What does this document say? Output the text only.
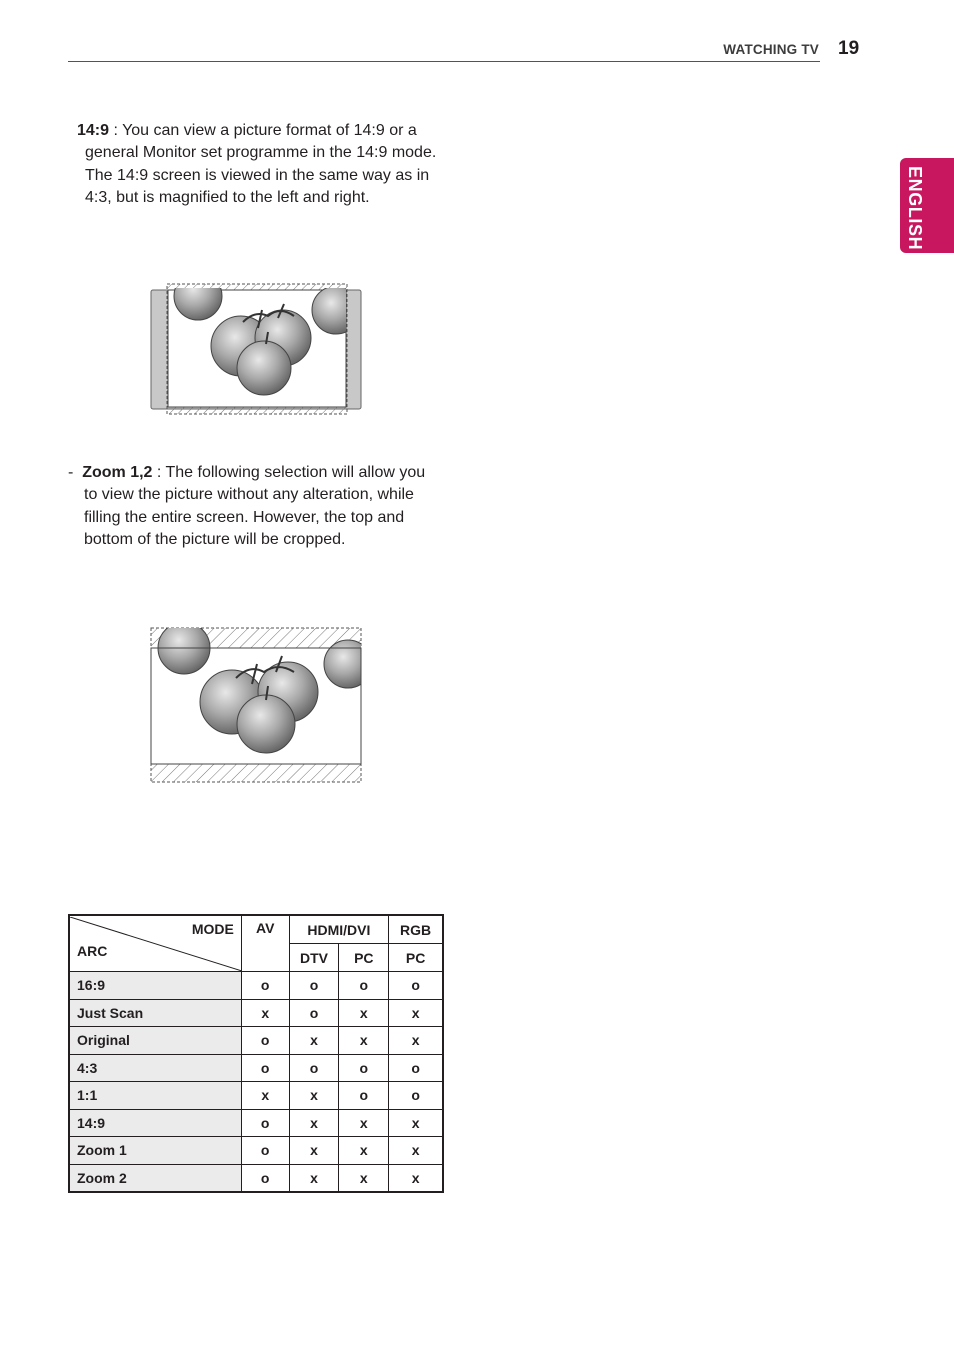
WATCHING TV 19
ENGLISH
14:9 : You can view a picture format of 14:9 or a
general Monitor set programme in the 14:9 mode.
The 14:9 screen is viewed in the same way as in
4:3, but is magnified to the left and right.
- Zoom 1,2 : The following selection will allow you
to view the picture without any alteration, while
filling the entire screen. However, the top and
bottom of the picture will be cropped.
MODE
ARC	AV	HDMI/DVI		RGB
		DTV	PC	PC
16:9	o	o	o	o
Just Scan	x	o	x	x
Original	o	x	x	x
4:3	o	o	o	o
1:1	x	x	o	o
14:9	o	x	x	x
Zoom 1	o	x	x	x
Zoom 2	o	x	x	x
